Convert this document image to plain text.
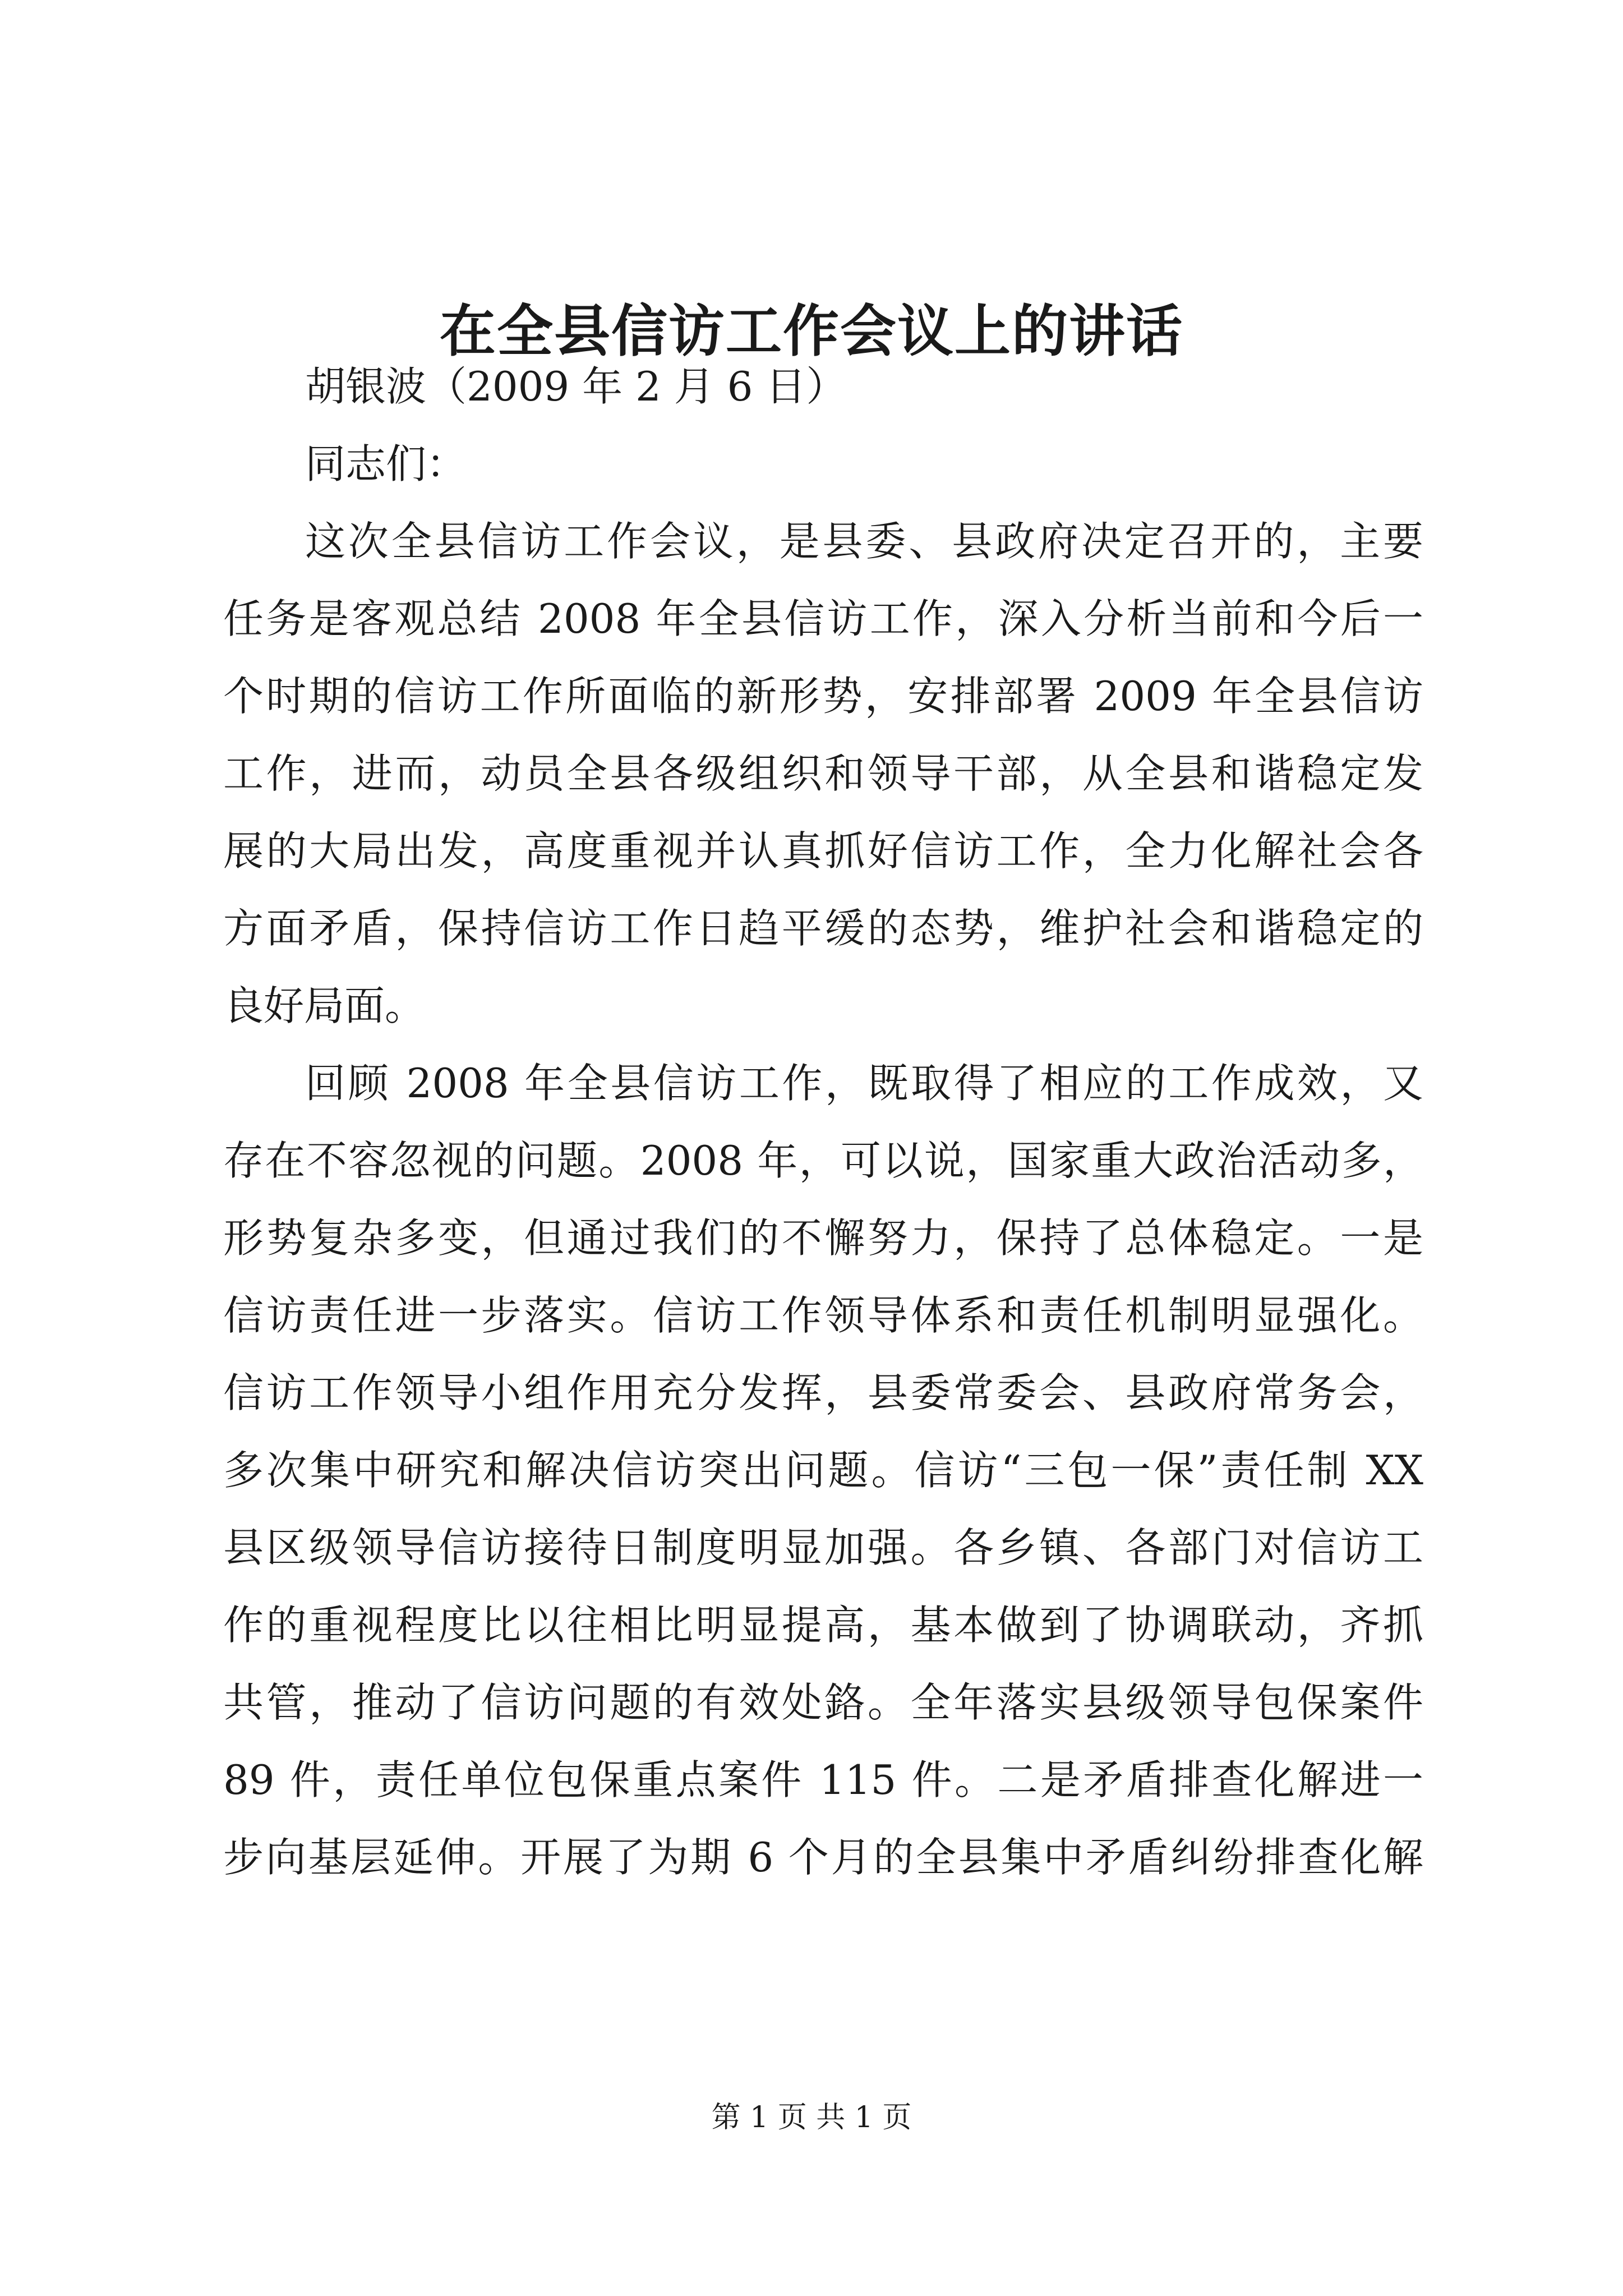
在全县信访工作会议上的讲话
胡银波（2009 年 2 月 6 日）
同志们：
这次全县信访工作会议，是县委、县政府决定召开的，主要
任务是客观总结 2008 年全县信访工作，深入分析当前和今后一
个时期的信访工作所面临的新形势，安排部署 2009 年全县信访
工作，进而，动员全县各级组织和领导干部，从全县和谐稳定发
展的大局出发，高度重视并认真抓好信访工作，全力化解社会各
方面矛盾，保持信访工作日趋平缓的态势，维护社会和谐稳定的
良好局面。
回顾 2008 年全县信访工作，既取得了相应的工作成效，又
存在不容忽视的问题。2008 年，可以说，国家重大政治活动多，
形势复杂多变，但通过我们的不懈努力，保持了总体稳定。一是
信访责任进一步落实。信访工作领导体系和责任机制明显强化。
信访工作领导小组作用充分发挥，县委常委会、县政府常务会，
多次集中研究和解决信访突出问题。信访“三包一保”责任制 XX
县区级领导信访接待日制度明显加强。各乡镇、各部门对信访工
作的重视程度比以往相比明显提高，基本做到了协调联动，齐抓
共管，推动了信访问题的有效处鉻。全年落实县级领导包保案件
89 件，责任单位包保重点案件 115 件。二是矛盾排查化解进一
步向基层延伸。开展了为期 6 个月的全县集中矛盾纠纷排查化解
第 1 页 共 1 页
